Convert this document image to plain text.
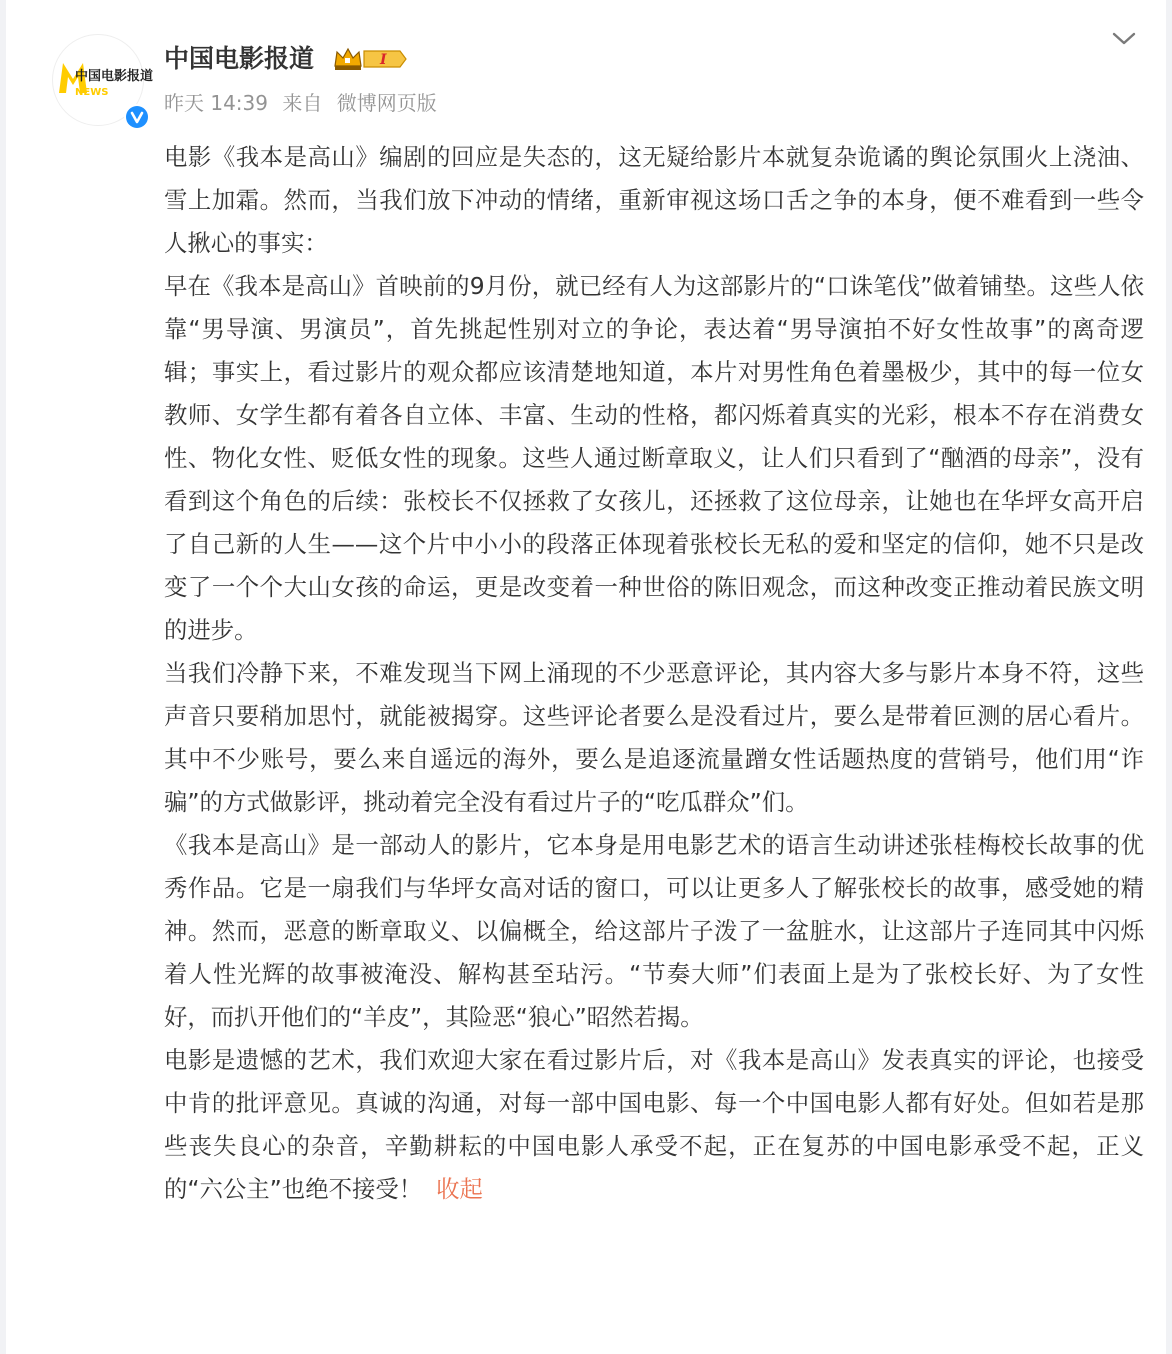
中国电影报道
NEWS
中国电影报道	I
昨天 14:39 来自 微博网页版

电影《我本是高山》编剧的回应是失态的，这无疑给影片本就复杂诡谲的舆论氛围火上浇油、雪上加霜。然而，当我们放下冲动的情绪，重新审视这场口舌之争的本身，便不难看到一些令人揪心的事实：

早在《我本是高山》首映前的9月份，就已经有人为这部影片的“口诛笔伐”做着铺垫。这些人依靠“男导演、男演员”，首先挑起性别对立的争论，表达着“男导演拍不好女性故事”的离奇逻辑；事实上，看过影片的观众都应该清楚地知道，本片对男性角色着墨极少，其中的每一位女教师、女学生都有着各自立体、丰富、生动的性格，都闪烁着真实的光彩，根本不存在消费女性、物化女性、贬低女性的现象。这些人通过断章取义，让人们只看到了“酗酒的母亲”，没有看到这个角色的后续：张校长不仅拯救了女孩儿，还拯救了这位母亲，让她也在华坪女高开启了自己新的人生——这个片中小小的段落正体现着张校长无私的爱和坚定的信仰，她不只是改变了一个个大山女孩的命运，更是改变着一种世俗的陈旧观念，而这种改变正推动着民族文明的进步。

当我们冷静下来，不难发现当下网上涌现的不少恶意评论，其内容大多与影片本身不符，这些声音只要稍加思忖，就能被揭穿。这些评论者要么是没看过片，要么是带着叵测的居心看片。其中不少账号，要么来自遥远的海外，要么是追逐流量蹭女性话题热度的营销号，他们用“诈骗”的方式做影评，挑动着完全没有看过片子的“吃瓜群众”们。

《我本是高山》是一部动人的影片，它本身是用电影艺术的语言生动讲述张桂梅校长故事的优秀作品。它是一扇我们与华坪女高对话的窗口，可以让更多人了解张校长的故事，感受她的精神。然而，恶意的断章取义、以偏概全，给这部片子泼了一盆脏水，让这部片子连同其中闪烁着人性光辉的故事被淹没、解构甚至玷污。“节奏大师”们表面上是为了张校长好、为了女性好，而扒开他们的“羊皮”，其险恶“狼心”昭然若揭。

电影是遗憾的艺术，我们欢迎大家在看过影片后，对《我本是高山》发表真实的评论，也接受中肯的批评意见。真诚的沟通，对每一部中国电影、每一个中国电影人都有好处。但如若是那些丧失良心的杂音，辛勤耕耘的中国电影人承受不起，正在复苏的中国电影承受不起，正义的“六公主”也绝不接受！ 收起
